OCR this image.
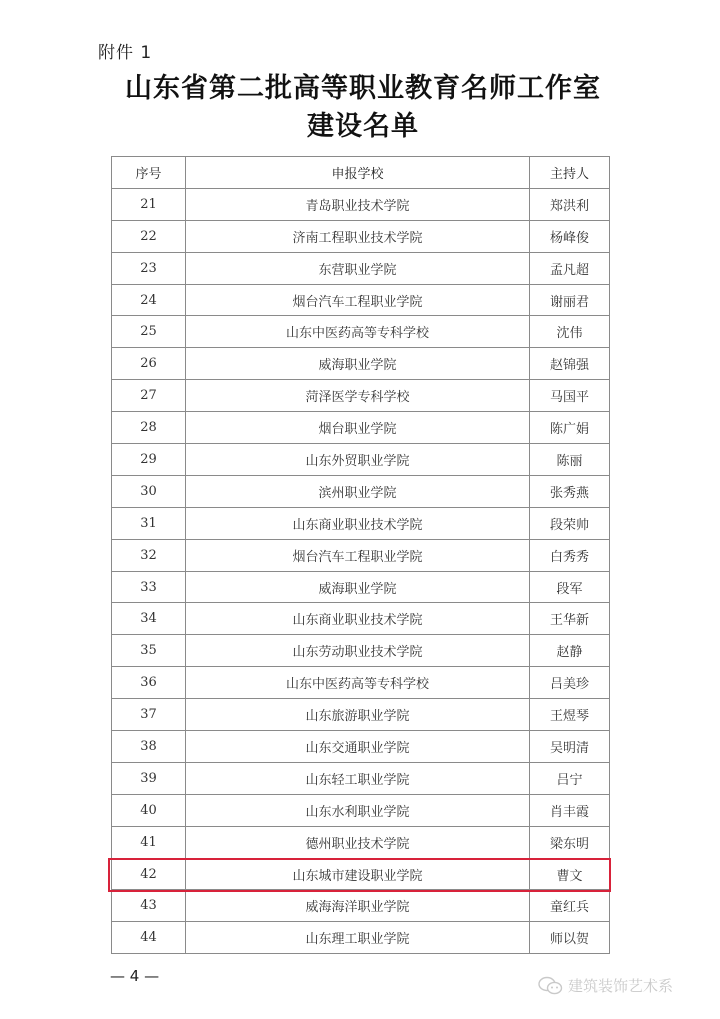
附件 1
山东省第二批高等职业教育名师工作室
建设名单
序号	申报学校	主持人
21	青岛职业技术学院	郑洪利
22	济南工程职业技术学院	杨峰俊
23	东营职业学院	孟凡超
24	烟台汽车工程职业学院	谢丽君
25	山东中医药高等专科学校	沈伟
26	威海职业学院	赵锦强
27	菏泽医学专科学校	马国平
28	烟台职业学院	陈广娟
29	山东外贸职业学院	陈丽
30	滨州职业学院	张秀燕
31	山东商业职业技术学院	段荣帅
32	烟台汽车工程职业学院	白秀秀
33	威海职业学院	段军
34	山东商业职业技术学院	王华新
35	山东劳动职业技术学院	赵静
36	山东中医药高等专科学校	吕美珍
37	山东旅游职业学院	王煜琴
38	山东交通职业学院	吴明清
39	山东轻工职业学院	吕宁
40	山东水利职业学院	肖丰霞
41	德州职业技术学院	梁东明
42	山东城市建设职业学院	曹文
43	威海海洋职业学院	童红兵
44	山东理工职业学院	师以贺
— 4 —
建筑装饰艺术系
